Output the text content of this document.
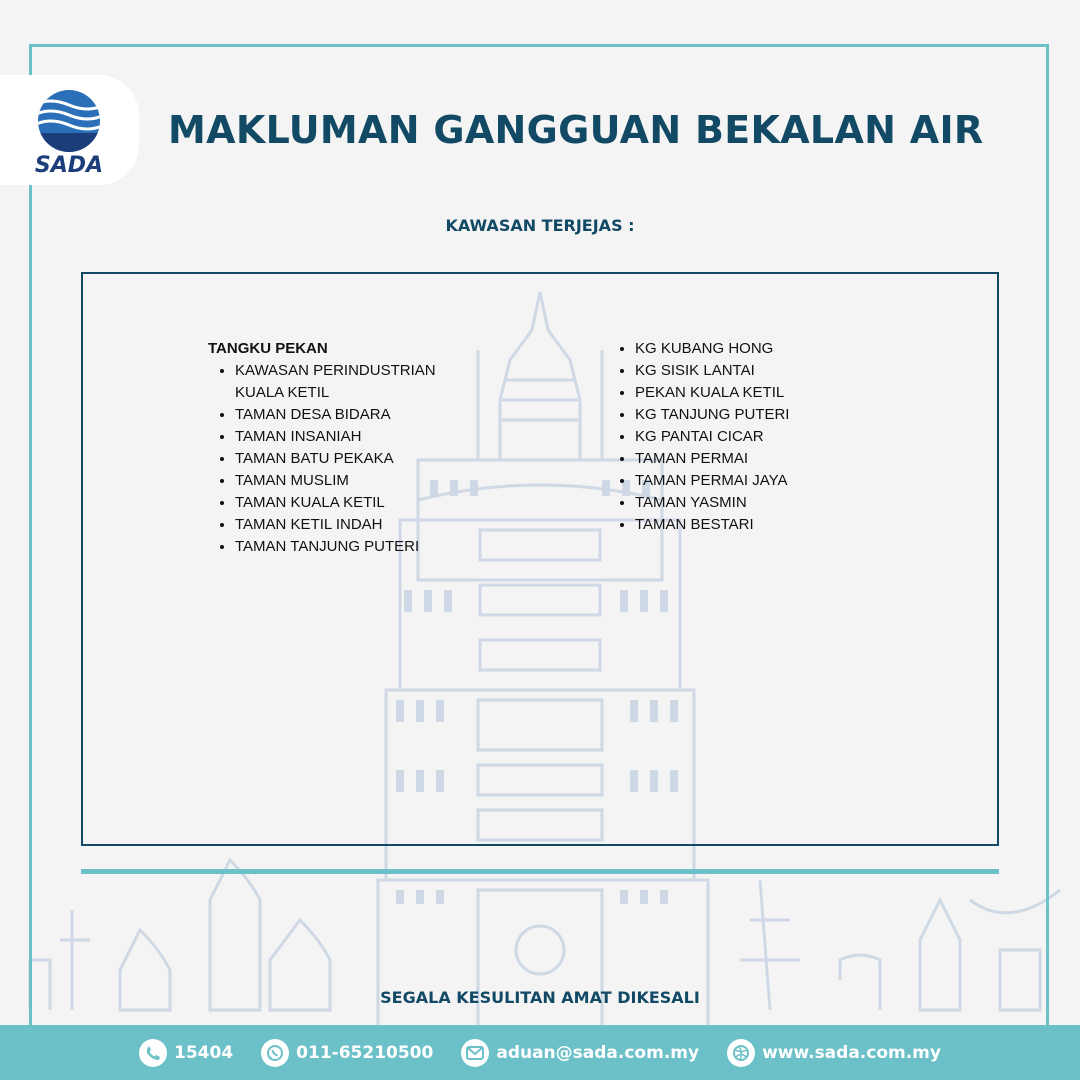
SADA
MAKLUMAN GANGGUAN BEKALAN AIR
KAWASAN TERJEJAS :
TANGKU PEKAN
• KAWASAN PERINDUSTRIAN KUALA KETIL
• TAMAN DESA BIDARA
• TAMAN INSANIAH
• TAMAN BATU PEKAKA
• TAMAN MUSLIM
• TAMAN KUALA KETIL
• TAMAN KETIL INDAH
• TAMAN TANJUNG PUTERI
• KG KUBANG HONG
• KG SISIK LANTAI
• PEKAN KUALA KETIL
• KG TANJUNG PUTERI
• KG PANTAI CICAR
• TAMAN PERMAI
• TAMAN PERMAI JAYA
• TAMAN YASMIN
• TAMAN BESTARI
SEGALA KESULITAN AMAT DIKESALI
15404	011-65210500	aduan@sada.com.my	www.sada.com.my
